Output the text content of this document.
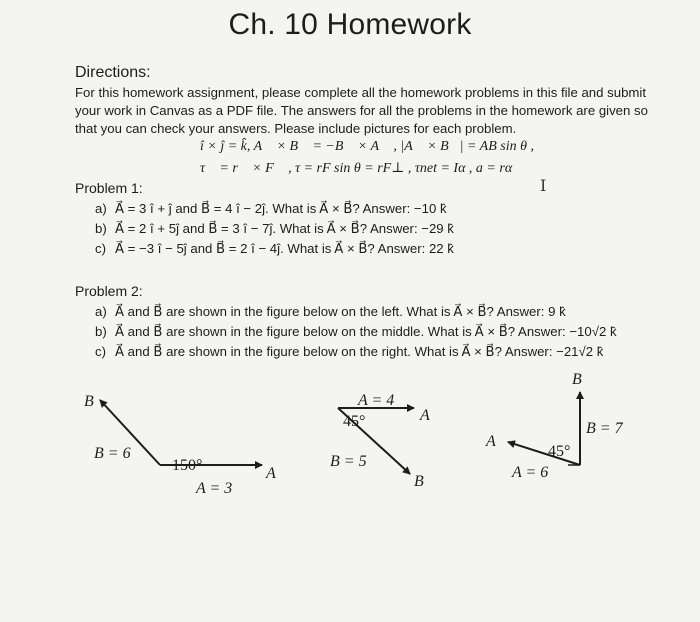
Ch. 10 Homework
Directions:
For this homework assignment, please complete all the homework problems in this file and submit your work in Canvas as a PDF file. The answers for all the problems in the homework are given so that you can check your answers. Please include pictures for each problem.
î × ĵ = k̂, A⃗ × B⃗ = −B⃗ × A⃗ , |A⃗ × B⃗| = AB sin θ ,
τ⃗ = r⃗ × F⃗ , τ = rF sin θ = rF⊥ , τnet = Iα , a = rα
I
Problem 1:
a) A⃗ = 3 î + ĵ and B⃗ = 4 î − 2ĵ. What is A⃗ × B⃗? Answer: −10 k̂
b) A⃗ = 2 î + 5ĵ and B⃗ = 3 î − 7ĵ. What is A⃗ × B⃗? Answer: −29 k̂
c) A⃗ = −3 î − 5ĵ and B⃗ = 2 î − 4ĵ. What is A⃗ × B⃗? Answer: 22 k̂
Problem 2:
a) A⃗ and B⃗ are shown in the figure below on the left. What is A⃗ × B⃗? Answer: 9 k̂
b) A⃗ and B⃗ are shown in the figure below on the middle. What is A⃗ × B⃗? Answer: −10√2 k̂
c) A⃗ and B⃗ are shown in the figure below on the right. What is A⃗ × B⃗? Answer: −21√2 k̂
B⃗
B = 6
150°	A⃗
A = 3
A = 4
A⃗
45°
B = 5
B⃗
B⃗
B = 7
A⃗
45°
A = 6
